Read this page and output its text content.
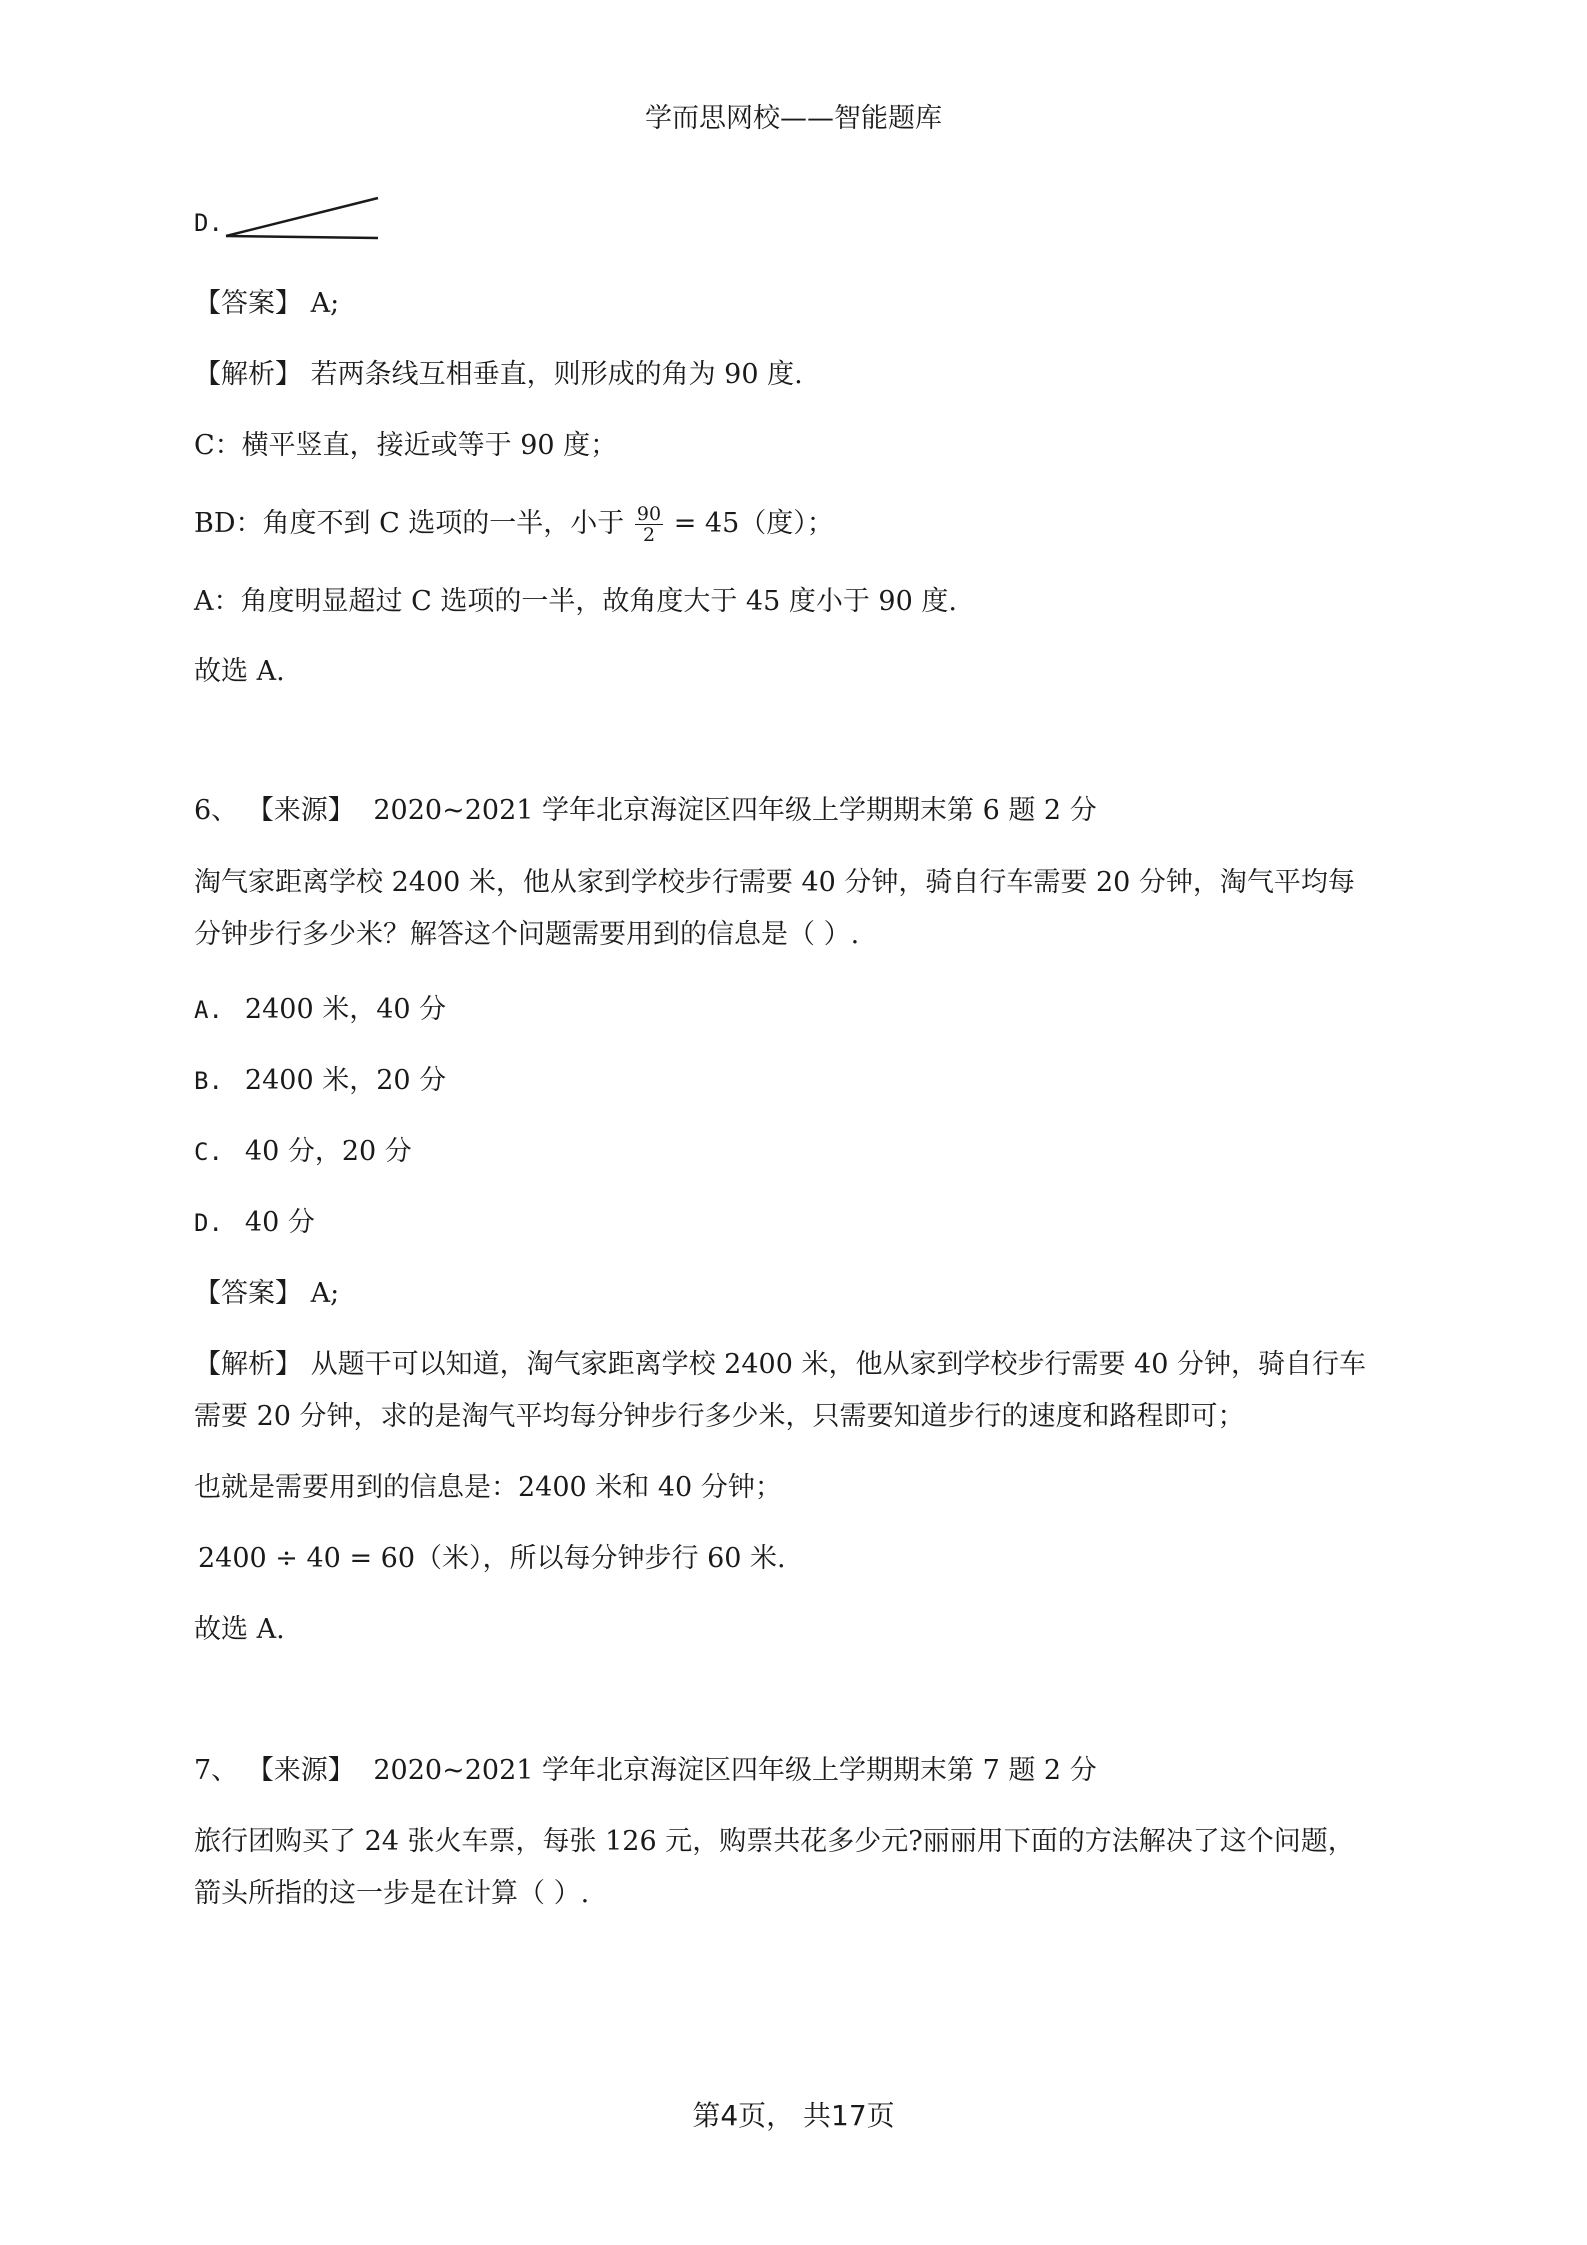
学而思网校——智能题库
D.
【答案】 A;
【解析】 若两条线互相垂直，则形成的角为 90 度.
C：横平竖直，接近或等于 90 度；
BD：角度不到 C 选项的一半，小于 $\frac{90}{2} = 45$（度）；
A：角度明显超过 C 选项的一半，故角度大于 45 度小于 90 度.
故选 A.
6、 【来源】 2020~2021 学年北京海淀区四年级上学期期末第 6 题 2 分
淘气家距离学校 2400 米，他从家到学校步行需要 40 分钟，骑自行车需要 20 分钟，淘气平均每
分钟步行多少米？解答这个问题需要用到的信息是（ ）.
A. 2400 米，40 分
B. 2400 米，20 分
C. 40 分，20 分
D. 40 分
【答案】 A;
【解析】 从题干可以知道，淘气家距离学校 2400 米，他从家到学校步行需要 40 分钟，骑自行车
需要 20 分钟，求的是淘气平均每分钟步行多少米，只需要知道步行的速度和路程即可；
也就是需要用到的信息是：2400 米和 40 分钟；
2400 ÷ 40 = 60（米），所以每分钟步行 60 米.
故选 A.
7、 【来源】 2020~2021 学年北京海淀区四年级上学期期末第 7 题 2 分
旅行团购买了 24 张火车票，每张 126 元，购票共花多少元?丽丽用下面的方法解决了这个问题，
箭头所指的这一步是在计算（ ）.
第4页， 共17页
